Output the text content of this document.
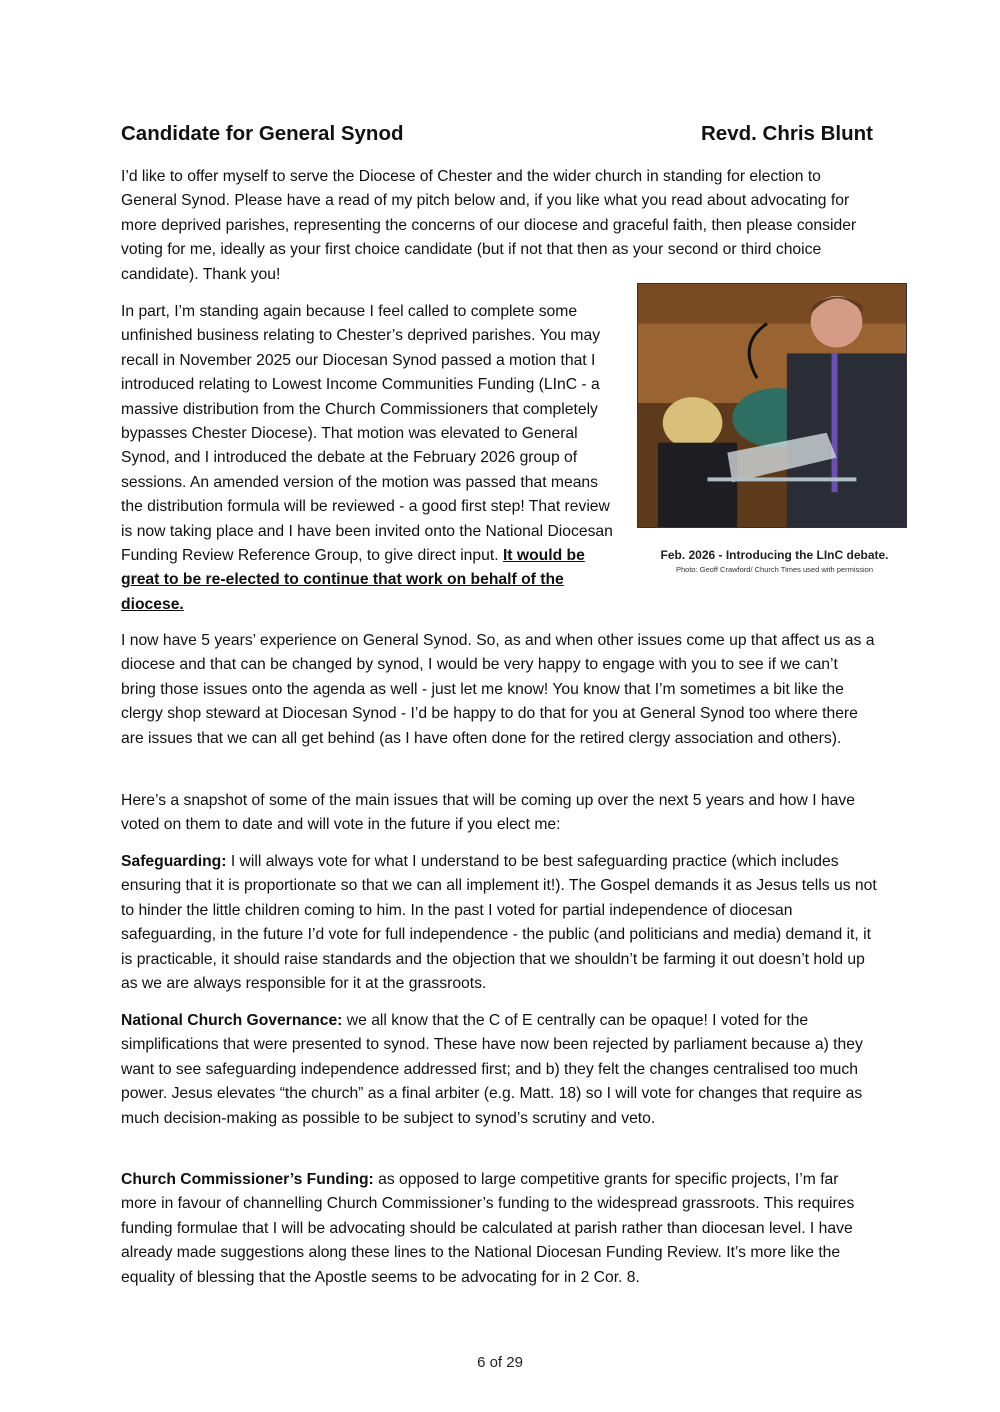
Candidate for General Synod	Revd. Chris Blunt

I’d like to offer myself to serve the Diocese of Chester and the wider church in standing for election to General Synod. Please have a read of my pitch below and, if you like what you read about advocating for more deprived parishes, representing the concerns of our diocese and graceful faith, then please consider voting for me, ideally as your first choice candidate (but if not that then as your second or third choice candidate). Thank you!

In part, I’m standing again because I feel called to complete some unfinished business relating to Chester’s deprived parishes. You may recall in November 2025 our Diocesan Synod passed a motion that I introduced relating to Lowest Income Communities Funding (LInC - a massive distribution from the Church Commissioners that completely bypasses Chester Diocese). That motion was elevated to General Synod, and I introduced the debate at the February 2026 group of sessions. An amended version of the motion was passed that means the distribution formula will be reviewed - a good first step! That review is now taking place and I have been invited onto the National Diocesan Funding Review Reference Group, to give direct input. It would be great to be re-elected to continue that work on behalf of the diocese.

Feb. 2026 - Introducing the LInC debate.
Photo: Geoff Crawford/ Church Times used with permission

I now have 5 years’ experience on General Synod. So, as and when other issues come up that affect us as a diocese and that can be changed by synod, I would be very happy to engage with you to see if we can’t bring those issues onto the agenda as well - just let me know! You know that I’m sometimes a bit like the clergy shop steward at Diocesan Synod - I’d be happy to do that for you at General Synod too where there are issues that we can all get behind (as I have often done for the retired clergy association and others).

Here’s a snapshot of some of the main issues that will be coming up over the next 5 years and how I have voted on them to date and will vote in the future if you elect me:

Safeguarding: I will always vote for what I understand to be best safeguarding practice (which includes ensuring that it is proportionate so that we can all implement it!). The Gospel demands it as Jesus tells us not to hinder the little children coming to him. In the past I voted for partial independence of diocesan safeguarding, in the future I’d vote for full independence - the public (and politicians and media) demand it, it is practicable, it should raise standards and the objection that we shouldn’t be farming it out doesn’t hold up as we are always responsible for it at the grassroots.

National Church Governance: we all know that the C of E centrally can be opaque! I voted for the simplifications that were presented to synod. These have now been rejected by parliament because a) they want to see safeguarding independence addressed first; and b) they felt the changes centralised too much power. Jesus elevates “the church” as a final arbiter (e.g. Matt. 18) so I will vote for changes that require as much decision-making as possible to be subject to synod’s scrutiny and veto.

Church Commissioner’s Funding: as opposed to large competitive grants for specific projects, I’m far more in favour of channelling Church Commissioner’s funding to the widespread grassroots. This requires funding formulae that I will be advocating should be calculated at parish rather than diocesan level. I have already made suggestions along these lines to the National Diocesan Funding Review. It’s more like the equality of blessing that the Apostle seems to be advocating for in 2 Cor. 8.

6 of 29
